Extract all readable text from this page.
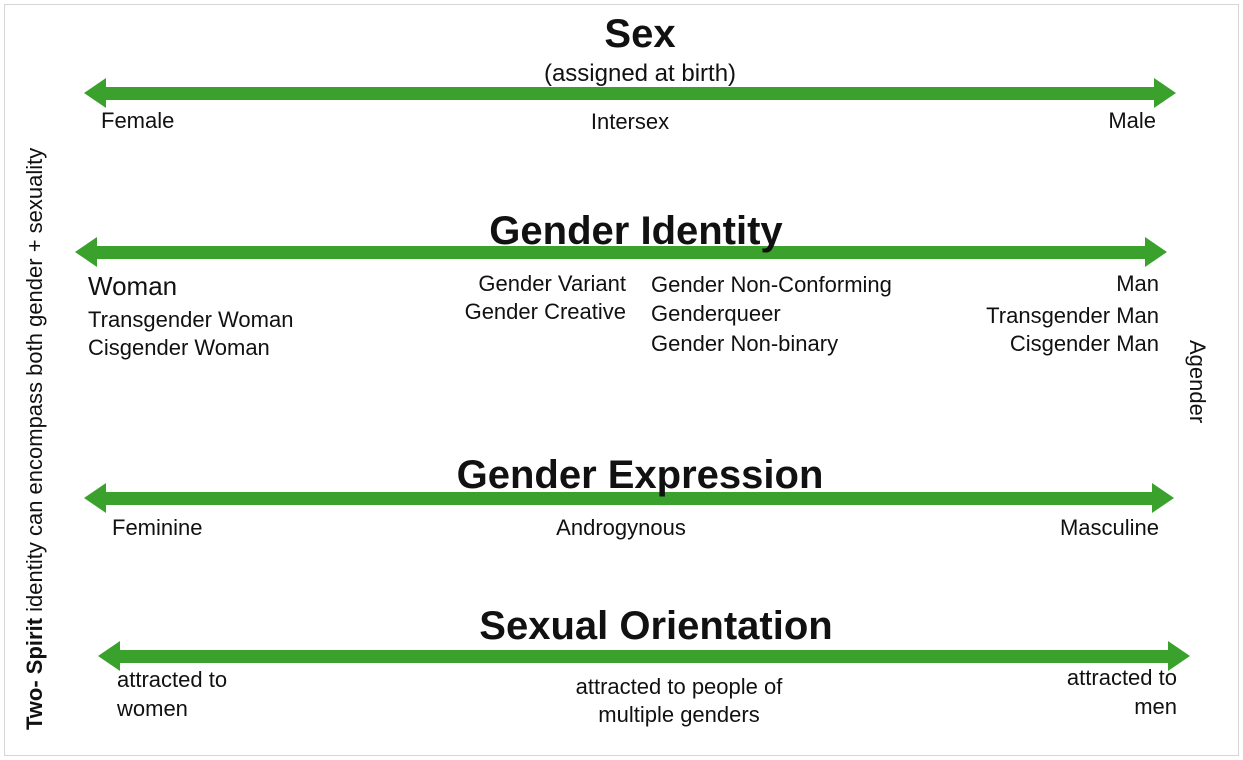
Sex
(assigned at birth)
Female	Intersex	Male
Gender Identity
Woman
Transgender Woman
Cisgender Woman
Gender Variant
Gender Creative
Gender Non-Conforming
Genderqueer
Gender Non-binary
Man
Transgender Man
Cisgender Man
Gender Expression
Feminine	Androgynous	Masculine
Sexual Orientation
attracted to
women
attracted to people of
multiple genders
attracted to
men
Two- Spirit identity can encompass both gender + sexuality	Agender
